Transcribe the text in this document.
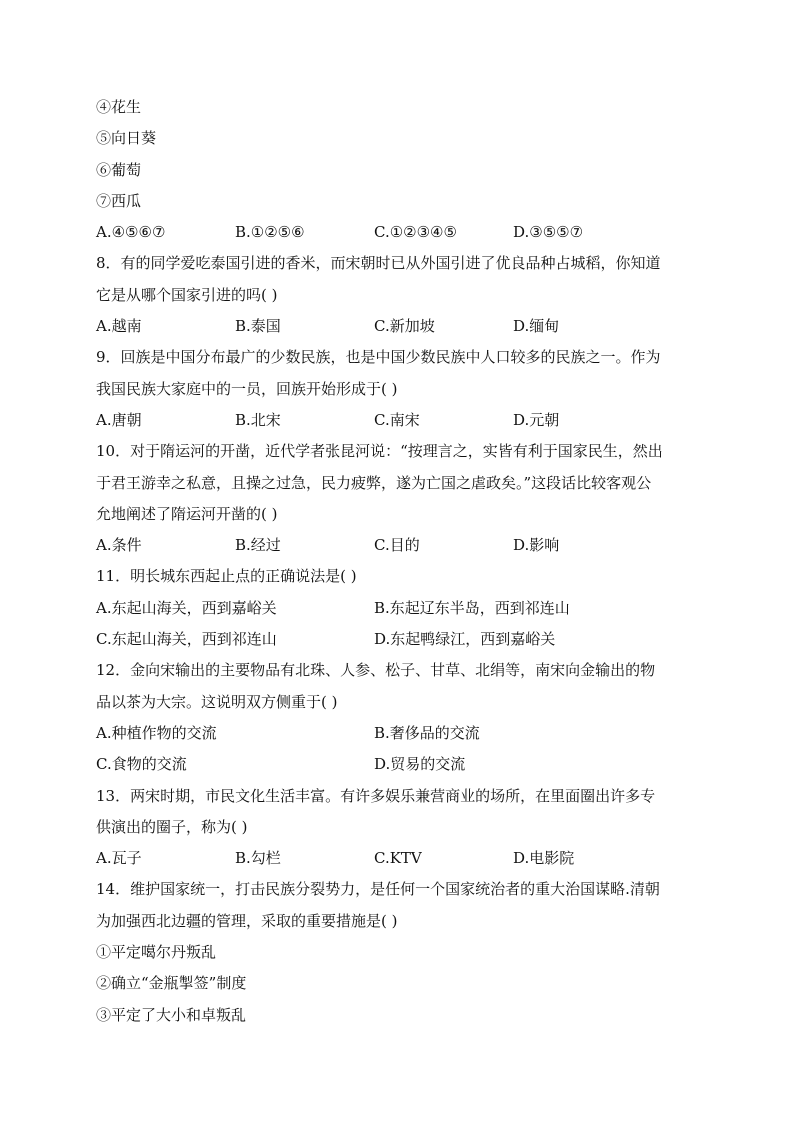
④花生
⑤向日葵
⑥葡萄
⑦西瓜
A.④⑤⑥⑦	B.①②⑤⑥	C.①②③④⑤	D.③⑤⑤⑦
8．有的同学爱吃泰国引进的香米，而宋朝时已从外国引进了优良品种占城稻，你知道
它是从哪个国家引进的吗( )
A.越南	B.泰国	C.新加坡	D.缅甸
9．回族是中国分布最广的少数民族，也是中国少数民族中人口较多的民族之一。作为
我国民族大家庭中的一员，回族开始形成于( )
A.唐朝	B.北宋	C.南宋	D.元朝
10．对于隋运河的开凿，近代学者张昆河说：“按理言之，实皆有利于国家民生，然出
于君王游幸之私意，且操之过急，民力疲弊，遂为亡国之虐政矣。”这段话比较客观公
允地阐述了隋运河开凿的( )
A.条件	B.经过	C.目的	D.影响
11．明长城东西起止点的正确说法是( )
A.东起山海关，西到嘉峪关	B.东起辽东半岛，西到祁连山
C.东起山海关，西到祁连山	D.东起鸭绿江，西到嘉峪关
12．金向宋输出的主要物品有北珠、人参、松子、甘草、北绢等，南宋向金输出的物
品以茶为大宗。这说明双方侧重于( )
A.种植作物的交流	B.奢侈品的交流
C.食物的交流	D.贸易的交流
13．两宋时期，市民文化生活丰富。有许多娱乐兼营商业的场所，在里面圈出许多专
供演出的圈子，称为( )
A.瓦子	B.勾栏	C.KTV	D.电影院
14．维护国家统一，打击民族分裂势力，是任何一个国家统治者的重大治国谋略.清朝
为加强西北边疆的管理，采取的重要措施是( )
①平定噶尔丹叛乱
②确立“金瓶掣签”制度
③平定了大小和卓叛乱
